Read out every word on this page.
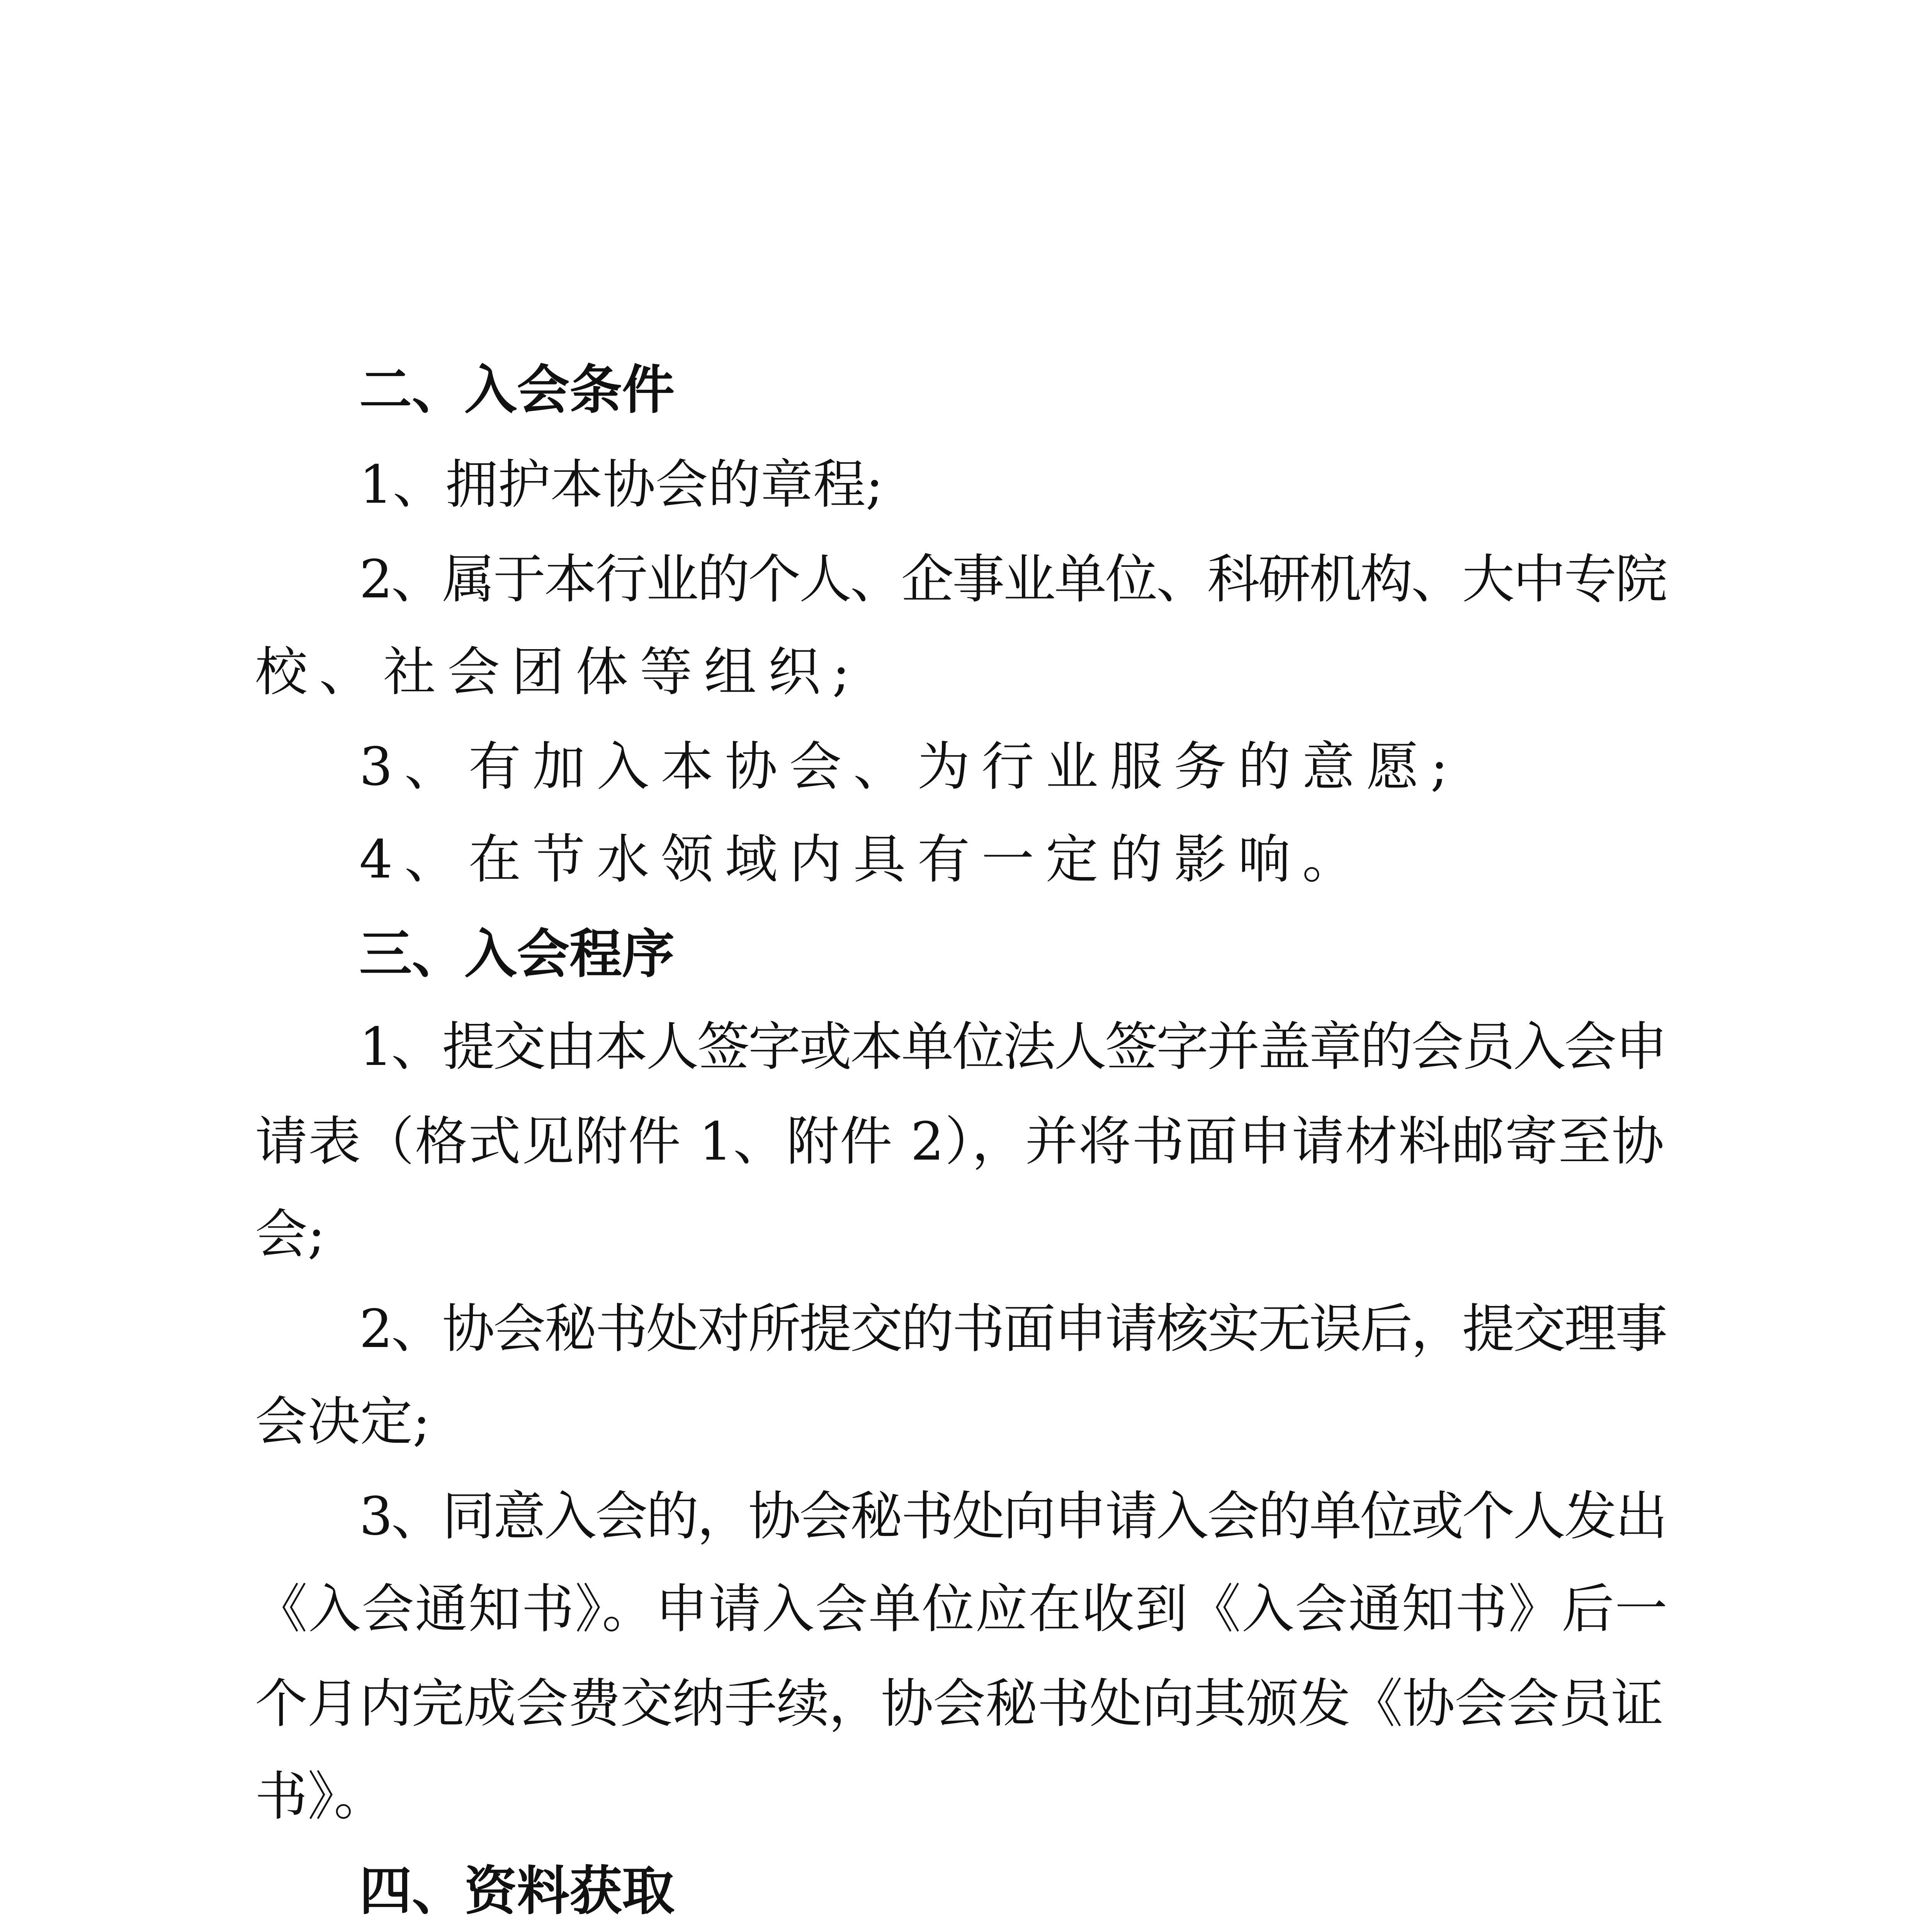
二、入会条件
1、拥护本协会的章程;
2、属于本行业的个人、企事业单位、科研机构、大中专院
校、社会团体等组织;
3、有加入本协会、为行业服务的意愿;
4、在节水领域内具有一定的影响。
三、入会程序
1、提交由本人签字或本单位法人签字并盖章的会员入会申
请表（格式见附件 1、附件 2），并将书面申请材料邮寄至协
会;
2、协会秘书处对所提交的书面申请核实无误后，提交理事
会决定;
3、同意入会的，协会秘书处向申请入会的单位或个人发出
《入会通知书》。申请入会单位应在收到《入会通知书》后一
个月内完成会费交纳手续，协会秘书处向其颁发《协会会员证
书》。
四、资料获取
